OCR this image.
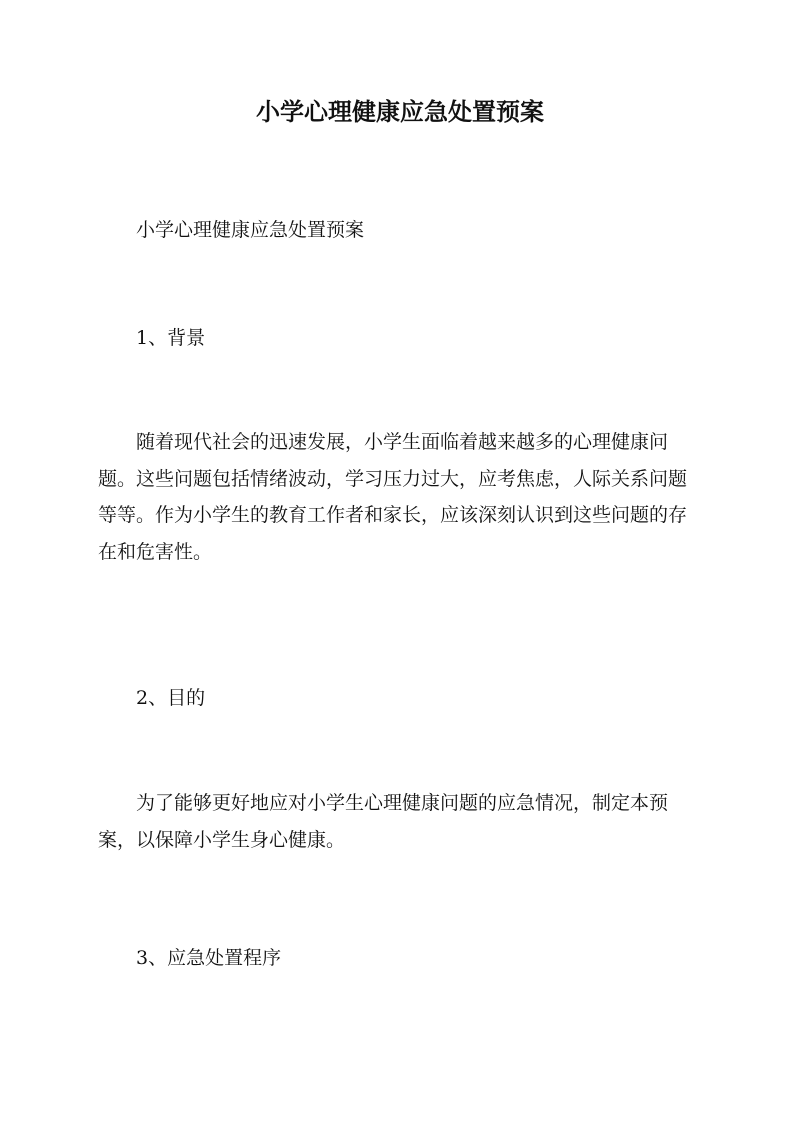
小学心理健康应急处置预案

小学心理健康应急处置预案

1、背景

随着现代社会的迅速发展，小学生面临着越来越多的心理健康问题。这些问题包括情绪波动，学习压力过大，应考焦虑，人际关系问题等等。作为小学生的教育工作者和家长，应该深刻认识到这些问题的存在和危害性。

2、目的

为了能够更好地应对小学生心理健康问题的应急情况，制定本预案，以保障小学生身心健康。

3、应急处置程序
